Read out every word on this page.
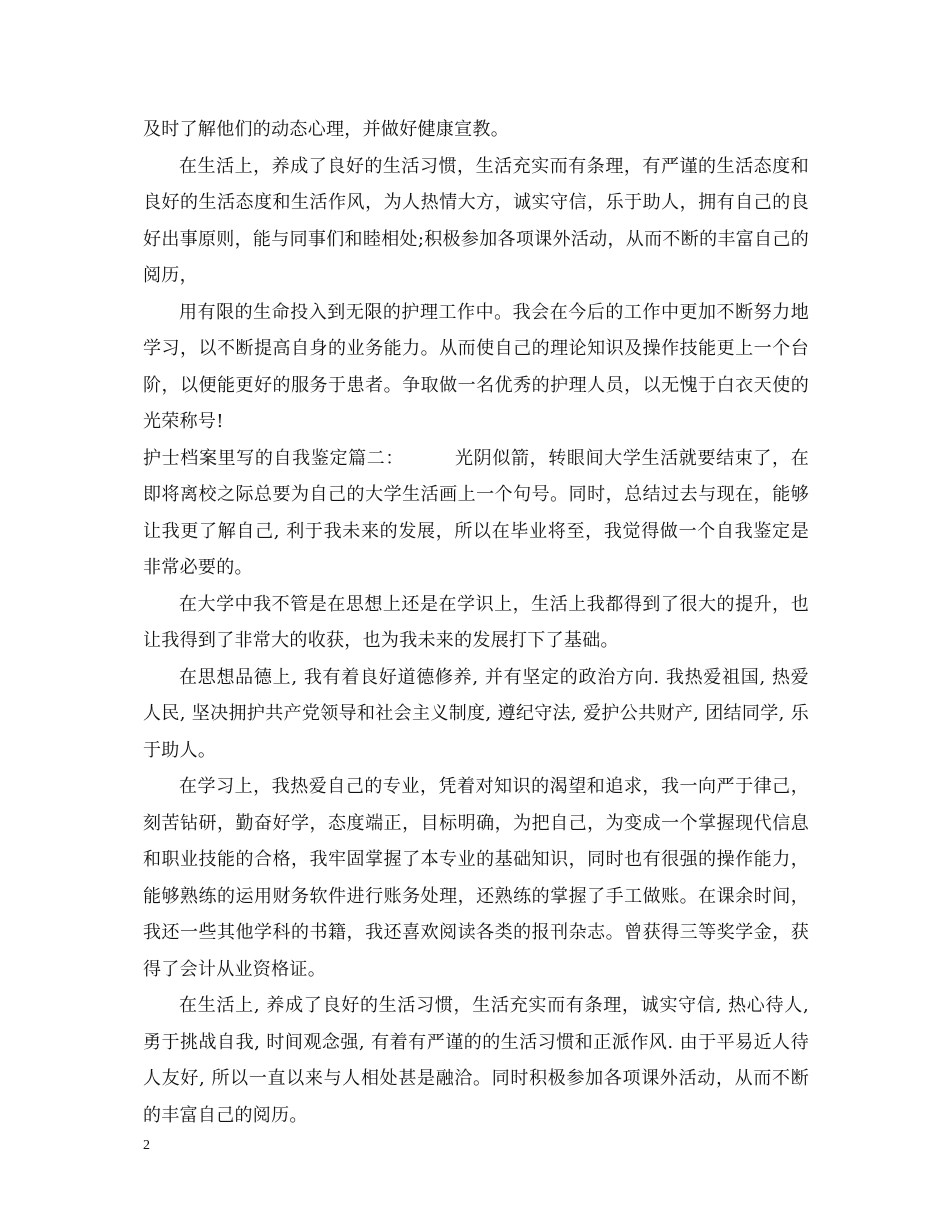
及时了解他们的动态心理，并做好健康宣教。

在生活上，养成了良好的生活习惯，生活充实而有条理，有严谨的生活态度和良好的生活态度和生活作风，为人热情大方，诚实守信，乐于助人，拥有自己的良好出事原则，能与同事们和睦相处;积极参加各项课外活动，从而不断的丰富自己的阅历，

用有限的生命投入到无限的护理工作中。我会在今后的工作中更加不断努力地学习，以不断提高自身的业务能力。从而使自己的理论知识及操作技能更上一个台阶，以便能更好的服务于患者。争取做一名优秀的护理人员，以无愧于白衣天使的光荣称号!

护士档案里写的自我鉴定篇二：        光阴似箭，转眼间大学生活就要结束了，在即将离校之际总要为自己的大学生活画上一个句号。同时，总结过去与现在，能够让我更了解自己, 利于我未来的发展，所以在毕业将至，我觉得做一个自我鉴定是非常必要的。

在大学中我不管是在思想上还是在学识上，生活上我都得到了很大的提升，也让我得到了非常大的收获，也为我未来的发展打下了基础。

在思想品德上, 我有着良好道德修养, 并有坚定的政治方向. 我热爱祖国, 热爱人民, 坚决拥护共产党领导和社会主义制度, 遵纪守法, 爱护公共财产, 团结同学, 乐于助人。

在学习上，我热爱自己的专业，凭着对知识的渴望和追求，我一向严于律己，刻苦钻研，勤奋好学，态度端正，目标明确，为把自己，为变成一个掌握现代信息和职业技能的合格，我牢固掌握了本专业的基础知识，同时也有很强的操作能力，能够熟练的运用财务软件进行账务处理，还熟练的掌握了手工做账。在课余时间，我还一些其他学科的书籍，我还喜欢阅读各类的报刊杂志。曾获得三等奖学金，获得了会计从业资格证。

在生活上, 养成了良好的生活习惯，生活充实而有条理，诚实守信, 热心待人, 勇于挑战自我, 时间观念强, 有着有严谨的的生活习惯和正派作风. 由于平易近人待人友好, 所以一直以来与人相处甚是融洽。同时积极参加各项课外活动，从而不断的丰富自己的阅历。

2
